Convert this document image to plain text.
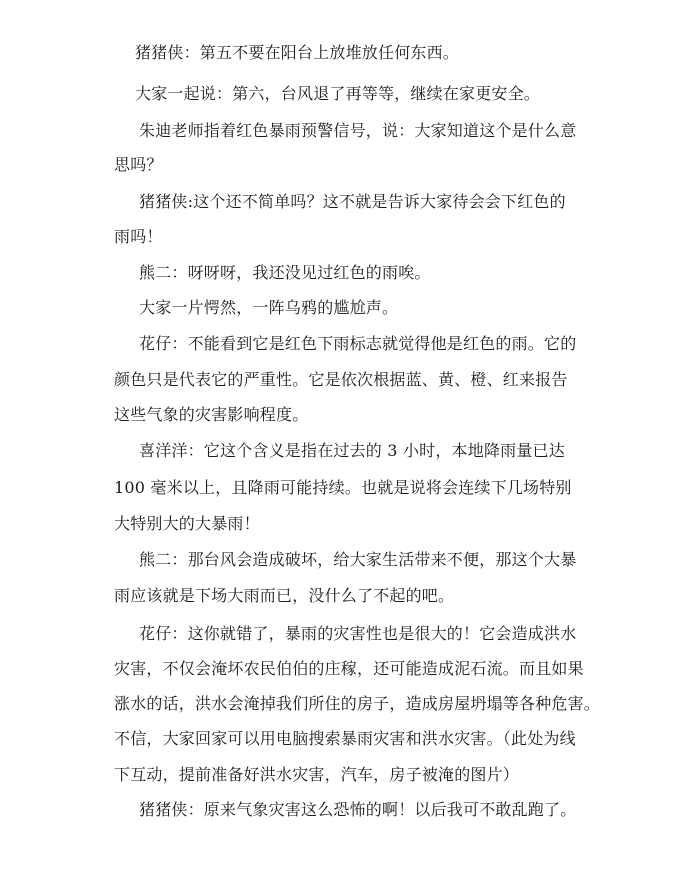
猪猪侠：第五不要在阳台上放堆放任何东西。
大家一起说：第六，台风退了再等等，继续在家更安全。
朱迪老师指着红色暴雨预警信号，说：大家知道这个是什么意
思吗？
猪猪侠:这个还不简单吗？这不就是告诉大家待会会下红色的
雨吗！
熊二：呀呀呀，我还没见过红色的雨唉。
大家一片愕然，一阵乌鸦的尴尬声。
花仔：不能看到它是红色下雨标志就觉得他是红色的雨。它的
颜色只是代表它的严重性。它是依次根据蓝、黄、橙、红来报告
这些气象的灾害影响程度。
喜洋洋：它这个含义是指在过去的 3 小时，本地降雨量已达
100 毫米以上，且降雨可能持续。也就是说将会连续下几场特别
大特别大的大暴雨！
熊二：那台风会造成破坏，给大家生活带来不便，那这个大暴
雨应该就是下场大雨而已，没什么了不起的吧。
花仔：这你就错了，暴雨的灾害性也是很大的！它会造成洪水
灾害，不仅会淹坏农民伯伯的庄稼，还可能造成泥石流。而且如果
涨水的话，洪水会淹掉我们所住的房子，造成房屋坍塌等各种危害。
不信，大家回家可以用电脑搜索暴雨灾害和洪水灾害。（此处为线
下互动，提前准备好洪水灾害，汽车，房子被淹的图片）
猪猪侠：原来气象灾害这么恐怖的啊！以后我可不敢乱跑了。
